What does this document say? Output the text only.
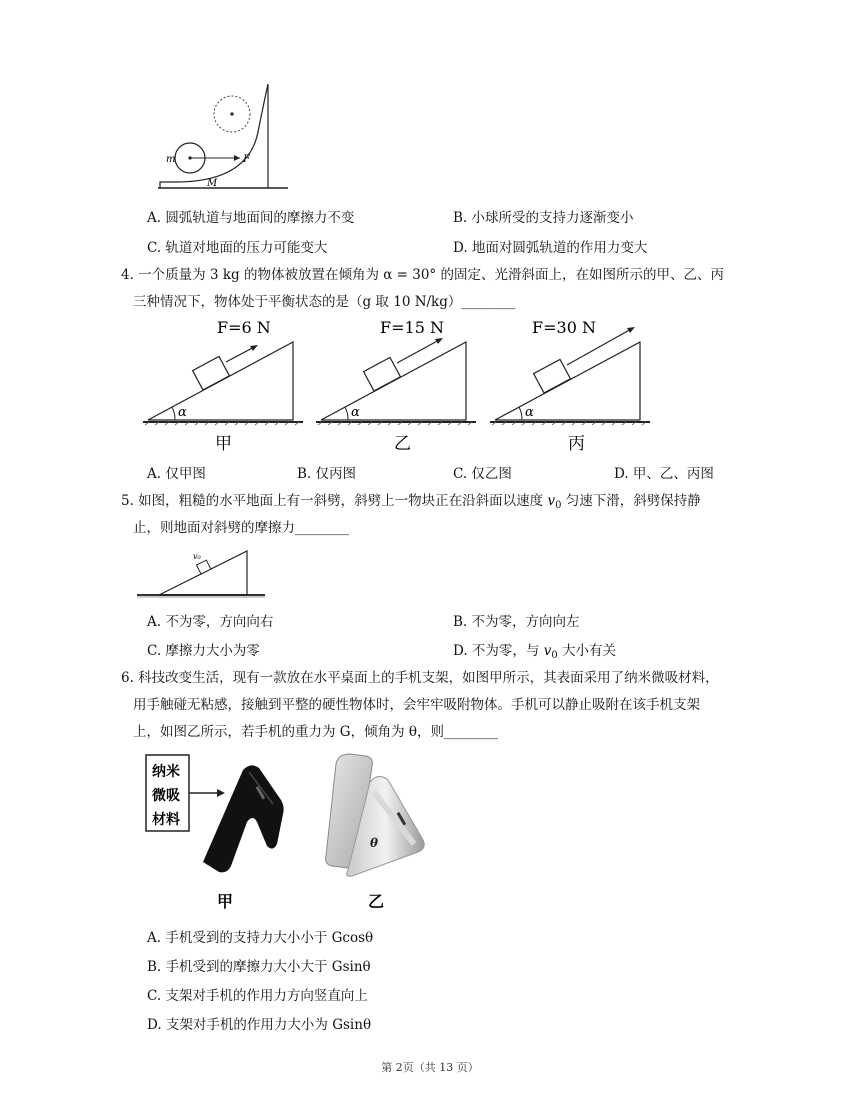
m	F
M
A. 圆弧轨道与地面间的摩擦力不变	B. 小球所受的支持力逐渐变小
C. 轨道对地面的压力可能变大	D. 地面对圆弧轨道的作用力变大
4. 一个质量为 3 kg 的物体被放置在倾角为 α = 30° 的固定、光滑斜面上，在如图所示的甲、乙、丙
三种情况下，物体处于平衡状态的是（g 取 10 N/kg）________
F=6 N
α
甲
F=15 N
α
乙
F=30 N
α
丙
A. 仅甲图	B. 仅丙图	C. 仅乙图	D. 甲、乙、丙图
5. 如图，粗糙的水平地面上有一斜劈，斜劈上一物块正在沿斜面以速度 $v_0$ 匀速下滑，斜劈保持静
止，则地面对斜劈的摩擦力________
v₀
A. 不为零，方向向右	B. 不为零，方向向左
C. 摩擦力大小为零	D. 不为零，与 $v_0$ 大小有关
6. 科技改变生活，现有一款放在水平桌面上的手机支架，如图甲所示，其表面采用了纳米微吸材料，
用手触碰无粘感，接触到平整的硬性物体时，会牢牢吸附物体。手机可以静止吸附在该手机支架
上，如图乙所示，若手机的重力为 G，倾角为 θ，则________
纳米
微吸
材料
甲
θ
乙
A. 手机受到的支持力大小小于 Gcosθ
B. 手机受到的摩擦力大小大于 Gsinθ
C. 支架对手机的作用力方向竖直向上
D. 支架对手机的作用力大小为 Gsinθ
第 2页（共 13 页）
